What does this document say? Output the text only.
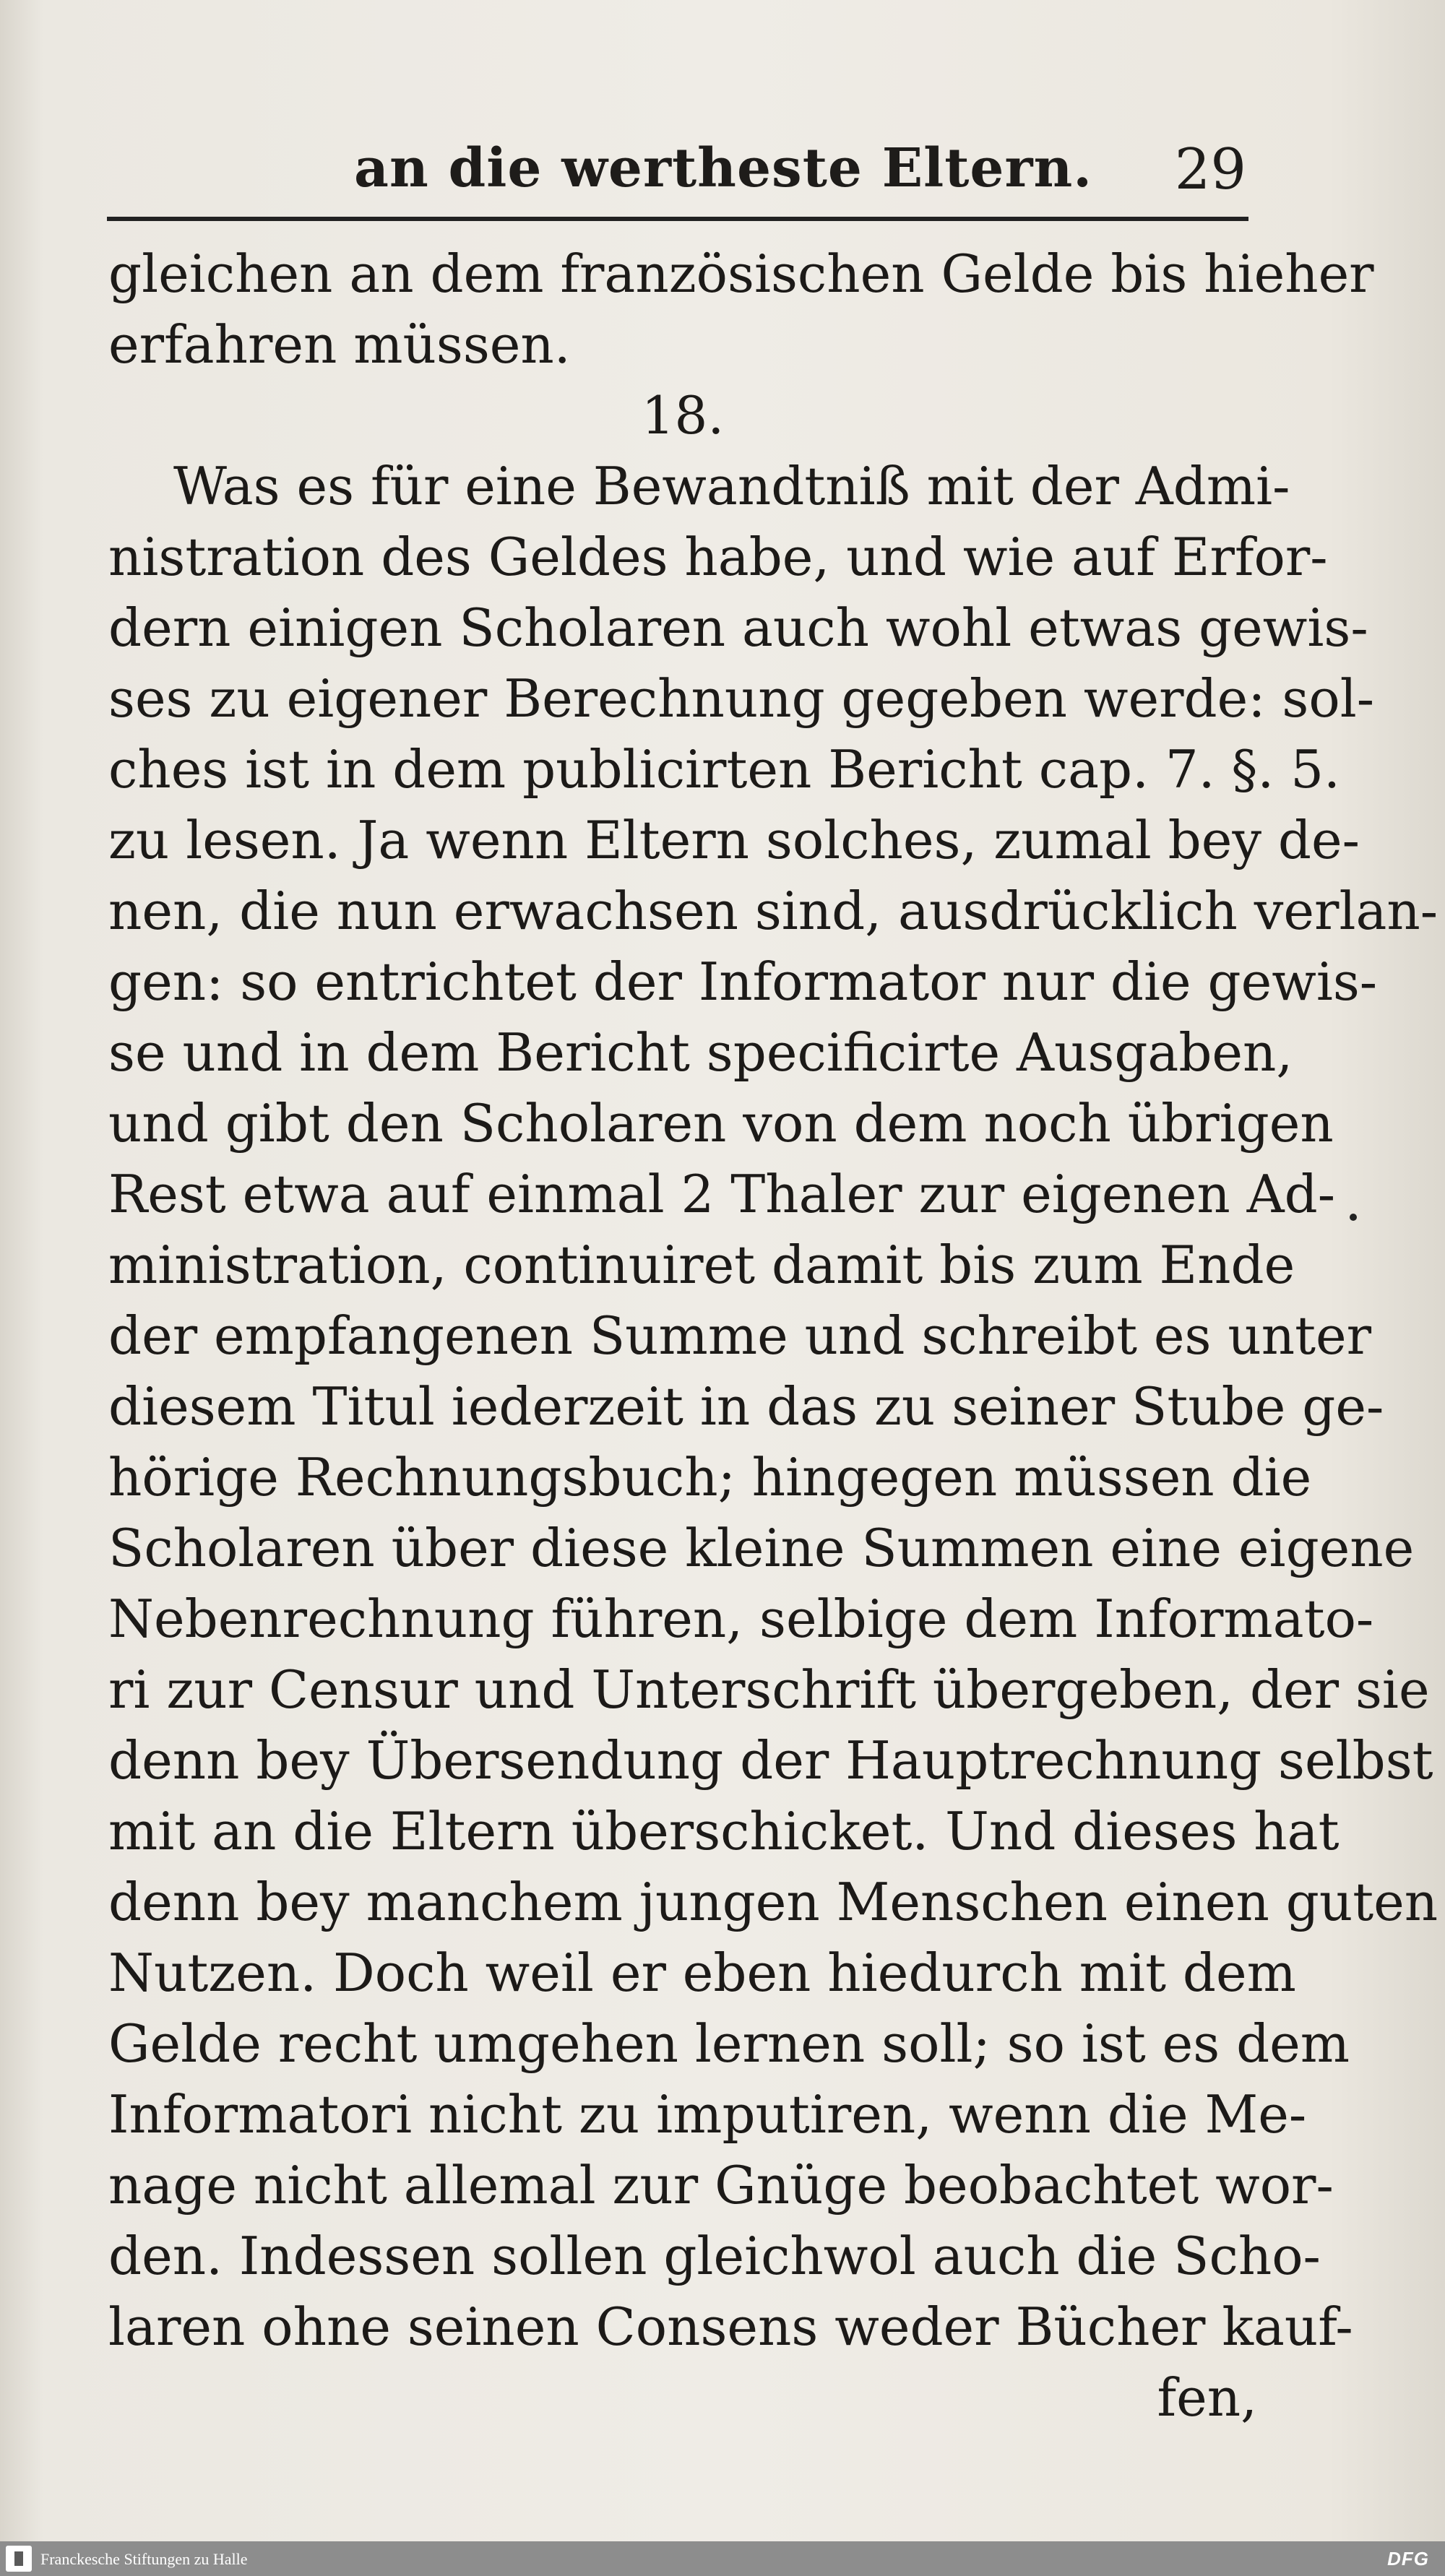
an die wertheste Eltern. 29
gleichen an dem französischen Gelde bis hieher
erfahren müssen.
18.
Was es für eine Bewandtniß mit der Admi-
nistration des Geldes habe, und wie auf Erfor-
dern einigen Scholaren auch wohl etwas gewis-
ses zu eigener Berechnung gegeben werde: sol-
ches ist in dem publicirten Bericht cap. 7. §. 5.
zu lesen. Ja wenn Eltern solches, zumal bey de-
nen, die nun erwachsen sind, ausdrücklich verlan-
gen: so entrichtet der Informator nur die gewis-
se und in dem Bericht specificirte Ausgaben,
und gibt den Scholaren von dem noch übrigen
Rest etwa auf einmal 2 Thaler zur eigenen Ad-
ministration, continuiret damit bis zum Ende
der empfangenen Summe und schreibt es unter
diesem Titul iederzeit in das zu seiner Stube ge-
hörige Rechnungsbuch; hingegen müssen die
Scholaren über diese kleine Summen eine eigene
Nebenrechnung führen, selbige dem Informato-
ri zur Censur und Unterschrift übergeben, der sie
denn bey Übersendung der Hauptrechnung selbst
mit an die Eltern überschicket. Und dieses hat
denn bey manchem jungen Menschen einen guten
Nutzen. Doch weil er eben hiedurch mit dem
Gelde recht umgehen lernen soll; so ist es dem
Informatori nicht zu imputiren, wenn die Me-
nage nicht allemal zur Gnüge beobachtet wor-
den. Indessen sollen gleichwol auch die Scho-
laren ohne seinen Consens weder Bücher kauf-
fen,
Franckesche Stiftungen zu Halle	DFG
